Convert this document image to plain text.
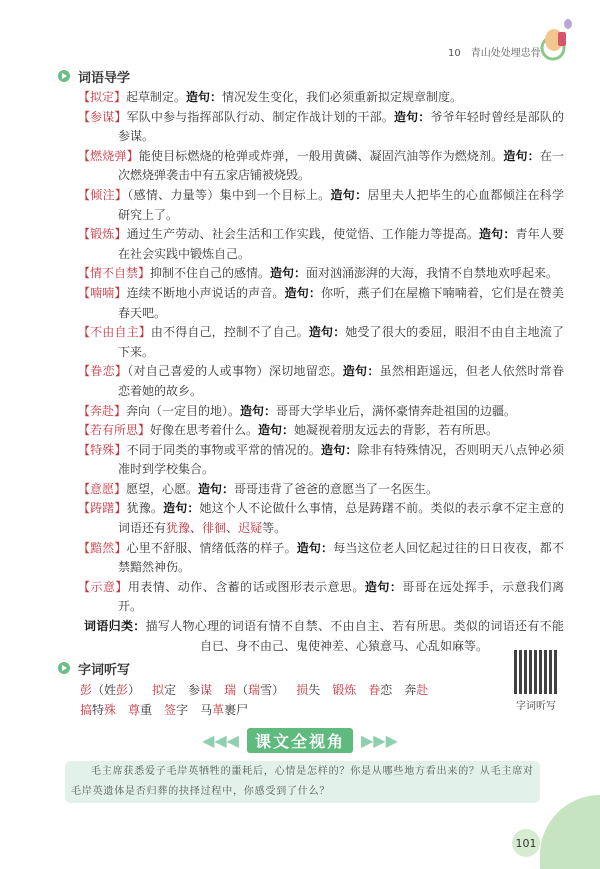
10 青山处处埋忠骨
词语导学
【拟定】起草制定。造句：情况发生变化，我们必须重新拟定规章制度。
【参谋】军队中参与指挥部队行动、制定作战计划的干部。造句：爷爷年轻时曾经是部队的参谋。
【燃烧弹】能使目标燃烧的枪弹或炸弹，一般用黄磷、凝固汽油等作为燃烧剂。造句：在一次燃烧弹袭击中有五家店铺被烧毁。
【倾注】（感情、力量等）集中到一个目标上。造句：居里夫人把毕生的心血都倾注在科学研究上了。
【锻炼】通过生产劳动、社会生活和工作实践，使觉悟、工作能力等提高。造句：青年人要在社会实践中锻炼自己。
【情不自禁】抑制不住自己的感情。造句：面对汹涌澎湃的大海，我情不自禁地欢呼起来。
【喃喃】连续不断地小声说话的声音。造句：你听，燕子们在屋檐下喃喃着，它们是在赞美春天吧。
【不由自主】由不得自己，控制不了自己。造句：她受了很大的委屈，眼泪不由自主地流了下来。
【眷恋】（对自己喜爱的人或事物）深切地留恋。造句：虽然相距遥远，但老人依然时常眷恋着她的故乡。
【奔赴】奔向（一定目的地）。造句：哥哥大学毕业后，满怀豪情奔赴祖国的边疆。
【若有所思】好像在思考着什么。造句：她凝视着朋友远去的背影，若有所思。
【特殊】不同于同类的事物或平常的情况的。造句：除非有特殊情况，否则明天八点钟必须准时到学校集合。
【意愿】愿望，心愿。造句：哥哥违背了爸爸的意愿当了一名医生。
【踌躇】犹豫。造句：她这个人不论做什么事情，总是踌躇不前。类似的表示拿不定主意的词语还有犹豫、徘徊、迟疑等。
【黯然】心里不舒服、情绪低落的样子。造句：每当这位老人回忆起过往的日日夜夜，都不禁黯然神伤。
【示意】用表情、动作、含蓄的话或图形表示意思。造句：哥哥在远处挥手，示意我们离开。
词语归类：描写人物心理的词语有情不自禁、不由自主、若有所思。类似的词语还有不能自已、身不由己、鬼使神差、心猿意马、心乱如麻等。
字词听写
彭（姓彭） 拟定 参谋 瑞（瑞雪） 损失 锻炼 眷恋 奔赴搞特殊 尊重 签字 马革裹尸	字词听写
◀◀◀	课文全视角	▶▶▶

毛主席获悉爱子毛岸英牺牲的噩耗后，心情是怎样的？你是从哪些地方看出来的？从毛主席对毛岸英遗体是否归葬的抉择过程中，你感受到了什么？

101
